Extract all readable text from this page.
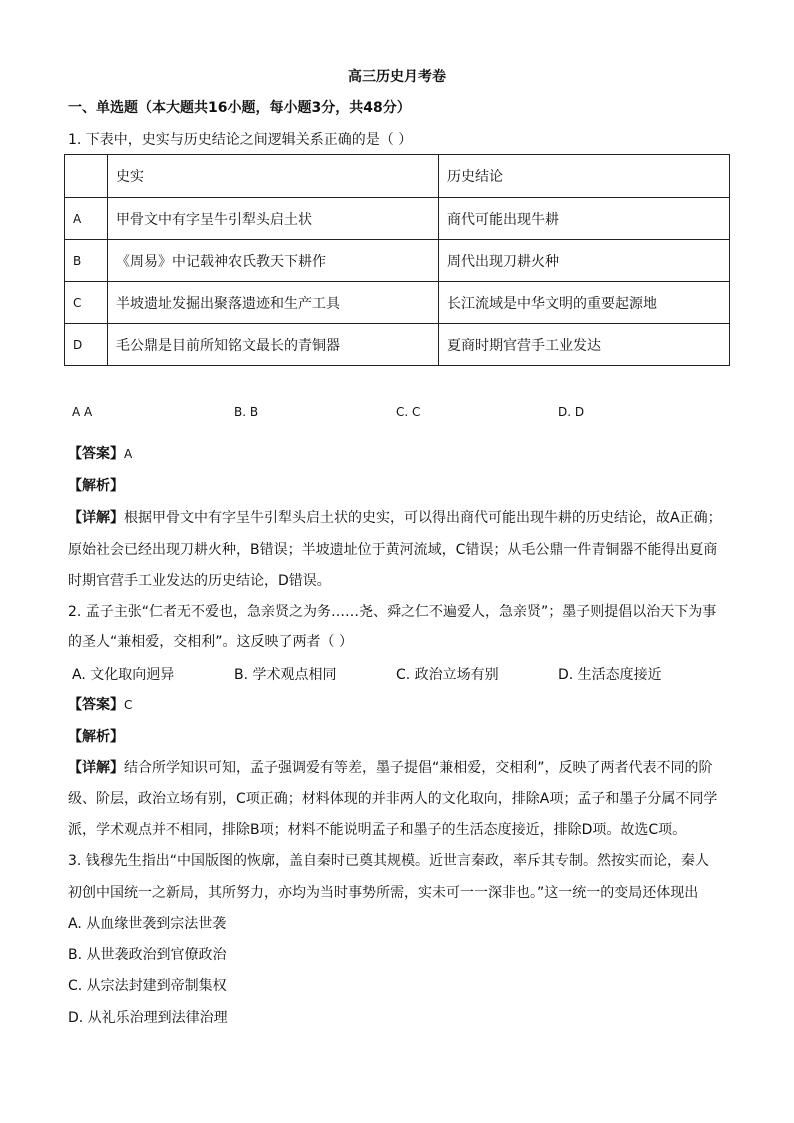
高三历史月考卷
一、单选题（本大题共16小题，每小题3分，共48分）
1. 下表中，史实与历史结论之间逻辑关系正确的是（ ）
	史实	历史结论
A	甲骨文中有字呈牛引犁头启土状	商代可能出现牛耕
B	《周易》中记载神农氏教天下耕作	周代出现刀耕火种
C	半坡遗址发掘出聚落遗迹和生产工具	长江流域是中华文明的重要起源地
D	毛公鼎是目前所知铭文最长的青铜器	夏商时期官营手工业发达
A A	B. B	C. C	D. D
【答案】A
【解析】
【详解】根据甲骨文中有字呈牛引犁头启土状的史实，可以得出商代可能出现牛耕的历史结论，故A正确；
原始社会已经出现刀耕火种，B错误；半坡遗址位于黄河流域，C错误；从毛公鼎一件青铜器不能得出夏商
时期官营手工业发达的历史结论，D错误。
2. 孟子主张“仁者无不爱也，急亲贤之为务……尧、舜之仁不遍爱人，急亲贤”；墨子则提倡以治天下为事
的圣人“兼相爱，交相利”。这反映了两者（ ）
A. 文化取向迥异	B. 学术观点相同	C. 政治立场有别	D. 生活态度接近
【答案】C
【解析】
【详解】结合所学知识可知，孟子强调爱有等差，墨子提倡“兼相爱，交相利”，反映了两者代表不同的阶
级、阶层，政治立场有别，C项正确；材料体现的并非两人的文化取向，排除A项；孟子和墨子分属不同学
派，学术观点并不相同，排除B项；材料不能说明孟子和墨子的生活态度接近，排除D项。故选C项。
3. 钱穆先生指出“中国版图的恢廓，盖自秦时已奠其规模。近世言秦政，率斥其专制。然按实而论，秦人
初创中国统一之新局，其所努力，亦均为当时事势所需，实未可一一深非也。”这一统一的变局还体现出
A. 从血缘世袭到宗法世袭
B. 从世袭政治到官僚政治
C. 从宗法封建到帝制集权
D. 从礼乐治理到法律治理
